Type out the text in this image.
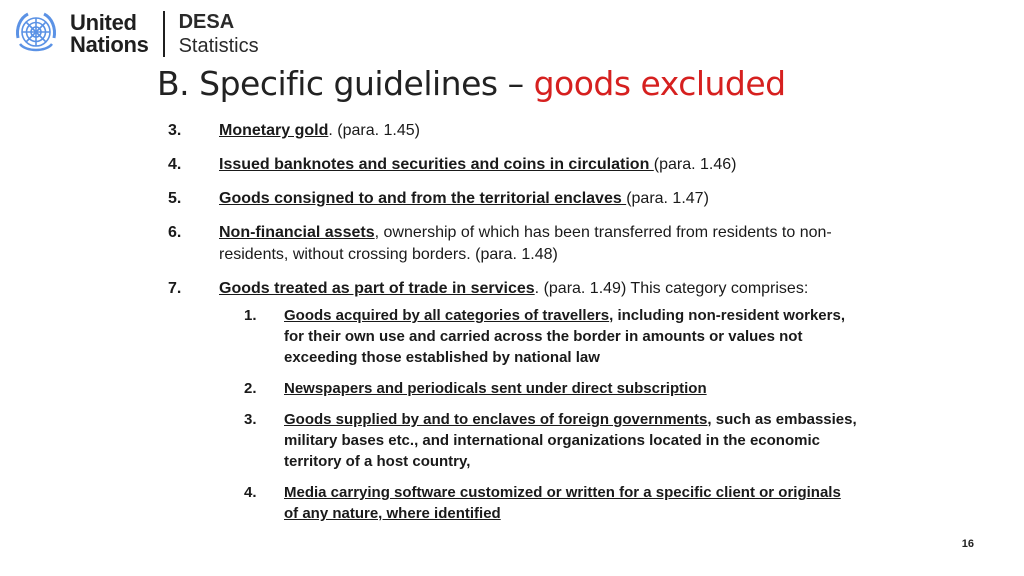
United
Nations
DESA
Statistics
B. Specific guidelines – goods excluded
3.	Monetary gold. (para. 1.45)
4.	Issued banknotes and securities and coins in circulation (para. 1.46)
5.	Goods consigned to and from the territorial enclaves (para. 1.47)
6.	Non-financial assets, ownership of which has been transferred from residents to non-residents, without crossing borders. (para. 1.48)
7.	Goods treated as part of trade in services. (para. 1.49) This category comprises:
1.	Goods acquired by all categories of travellers, including non-resident workers, for their own use and carried across the border in amounts or values not exceeding those established by national law
2.	Newspapers and periodicals sent under direct subscription
3.	Goods supplied by and to enclaves of foreign governments, such as embassies, military bases etc., and international organizations located in the economic territory of a host country,
4.	Media carrying software customized or written for a specific client or originals of any nature, where identified
16
